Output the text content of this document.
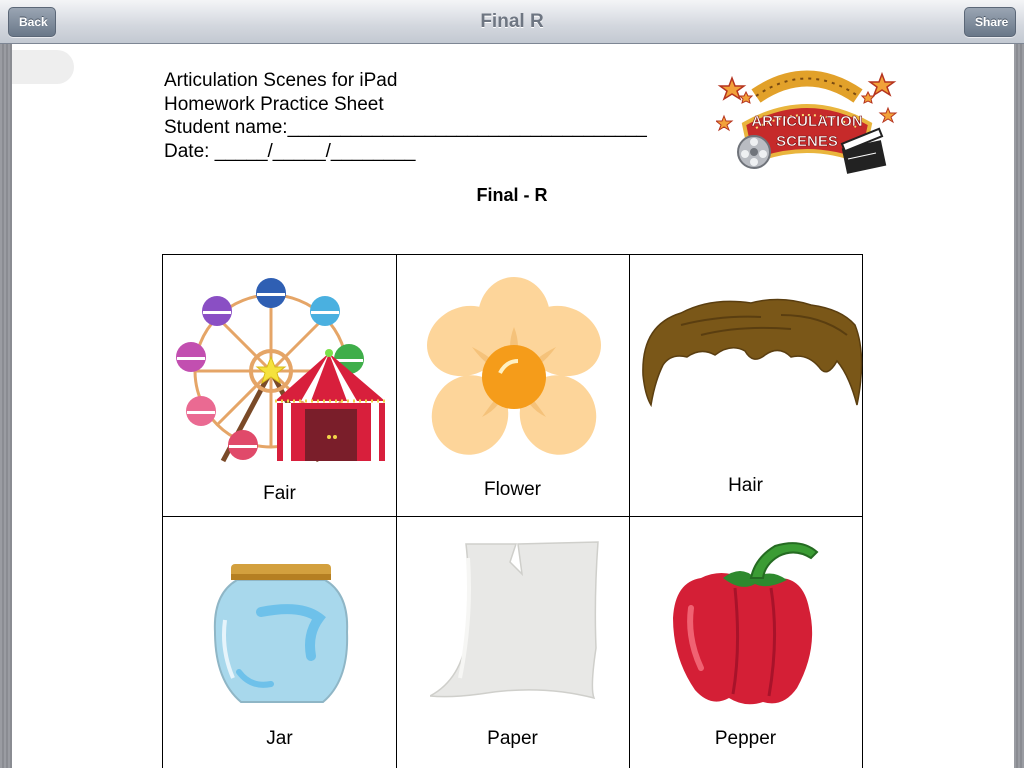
Final R
Back	Share
Articulation Scenes for iPad
Homework Practice Sheet
Student name:__________________________________
Date: _____/_____/________
ARTICULATION
SCENES
Final - R
Fair	Flower	Hair
Jar	Paper	Pepper
